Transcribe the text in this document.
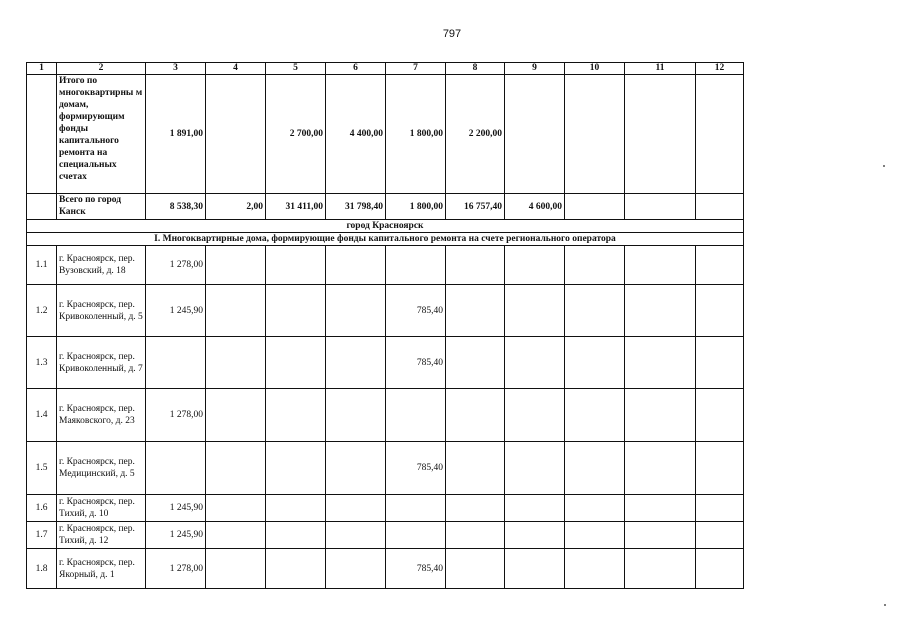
797
1	2	3	4	5	6	7	8	9	10	11	12
	Итого по многоквартирны м домам, формирующим фонды капитального ремонта на специальных счетах	1 891,00		2 700,00	4 400,00	1 800,00	2 200,00				
	Всего по город Канск	8 538,30	2,00	31 411,00	31 798,40	1 800,00	16 757,40	4 600,00			
город Красноярск											
I. Многоквартирные дома, формирующие фонды капитального ремонта на счете регионального оператора											
1.1	г. Красноярск, пер. Вузовский, д. 18	1 278,00									
1.2	г. Красноярск, пер. Кривоколенный, д. 5	1 245,90				785,40					
1.3	г. Красноярск, пер. Кривоколенный, д. 7					785,40					
1.4	г. Красноярск, пер. Маяковского, д. 23	1 278,00									
1.5	г. Красноярск, пер. Медицинский, д. 5					785,40					
1.6	г. Красноярск, пер. Тихий, д. 10	1 245,90									
1.7	г. Красноярск, пер. Тихий, д. 12	1 245,90									
1.8	г. Красноярск, пер. Якорный, д. 1	1 278,00				785,40					
